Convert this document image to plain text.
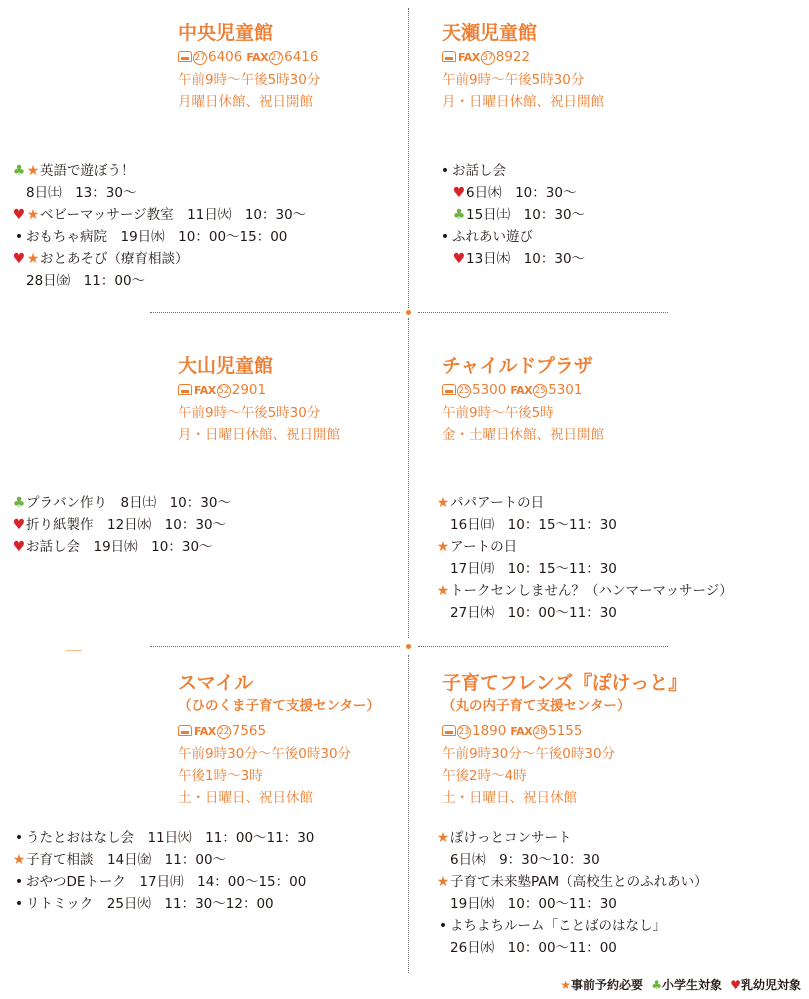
中央児童館
27 6406 FAX 27 6416
午前9時～午後5時30分
月曜日休館、祝日開館
♣★英語で遊ぼう！
8日㈯　13：30～
♥★ベビーマッサージ教室　11日㈫　10：30～
• おもちゃ病院　19日㈬　10：00～15：00
♥★おとあそび（療育相談）
28日㈮　11：00～
天瀬児童館
FAX 37 8922
午前9時～午後5時30分
月・日曜日休館、祝日開館
• お話し会
♥6日㈭　10：30～
♣15日㈯　10：30～
• ふれあい遊び
♥13日㈭　10：30～
大山児童館
FAX 52 2901
午前9時～午後5時30分
月・日曜日休館、祝日開館
♣プラバン作り　8日㈯　10：30～
♥折り紙製作　12日㈬　10：30～
♥お話し会　19日㈬　10：30～
チャイルドプラザ
25 5300 FAX 25 5301
午前9時～午後5時
金・土曜日休館、祝日開館
★パパアートの日
16日㈰　10：15～11：30
★アートの日
17日㈪　10：15～11：30
★トークセンしません？（ハンマーマッサージ）
27日㈭　10：00～11：30
スマイル
（ひのくま子育て支援センター）
FAX 22 7565
午前9時30分～午後0時30分
午後1時～3時
土・日曜日、祝日休館
• うたとおはなし会　11日㈫　11：00～11：30
★子育て相談　14日㈮　11：00～
• おやつDEトーク　17日㈪　14：00～15：00
• リトミック　25日㈫　11：30～12：00
子育てフレンズ『ぽけっと』
（丸の内子育て支援センター）
23 1890 FAX 28 5155
午前9時30分～午後0時30分
午後2時～4時
土・日曜日、祝日休館
★ぽけっとコンサート
6日㈭　9：30～10：30
★子育て未来塾PAM（高校生とのふれあい）
19日㈬　10：00～11：30
• よちよちルーム「ことばのはなし」
26日㈬　10：00～11：00
★事前予約必要 ♣小学生対象 ♥乳幼児対象
